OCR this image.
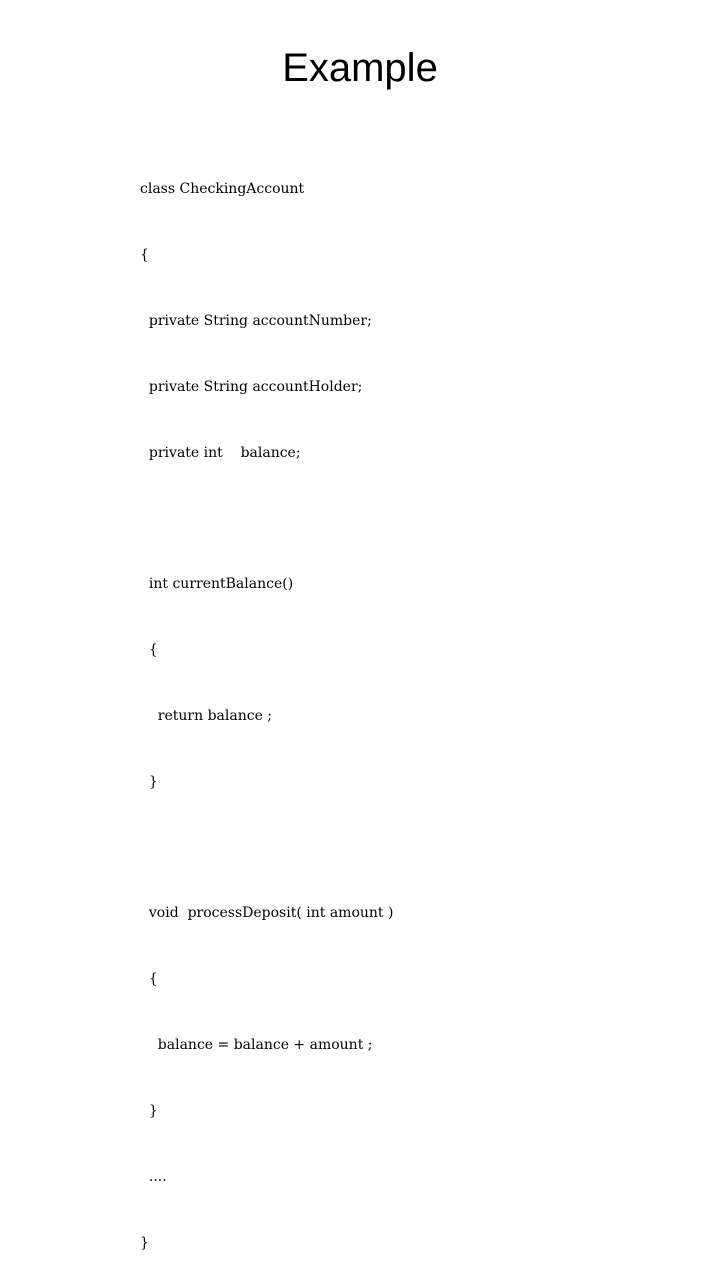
Example

class CheckingAccount

{

private String accountNumber;

private String accountHolder;

private int    balance;

int currentBalance()

{

return balance ;

}

void  processDeposit( int amount )

{

balance = balance + amount ;

}

....

}
